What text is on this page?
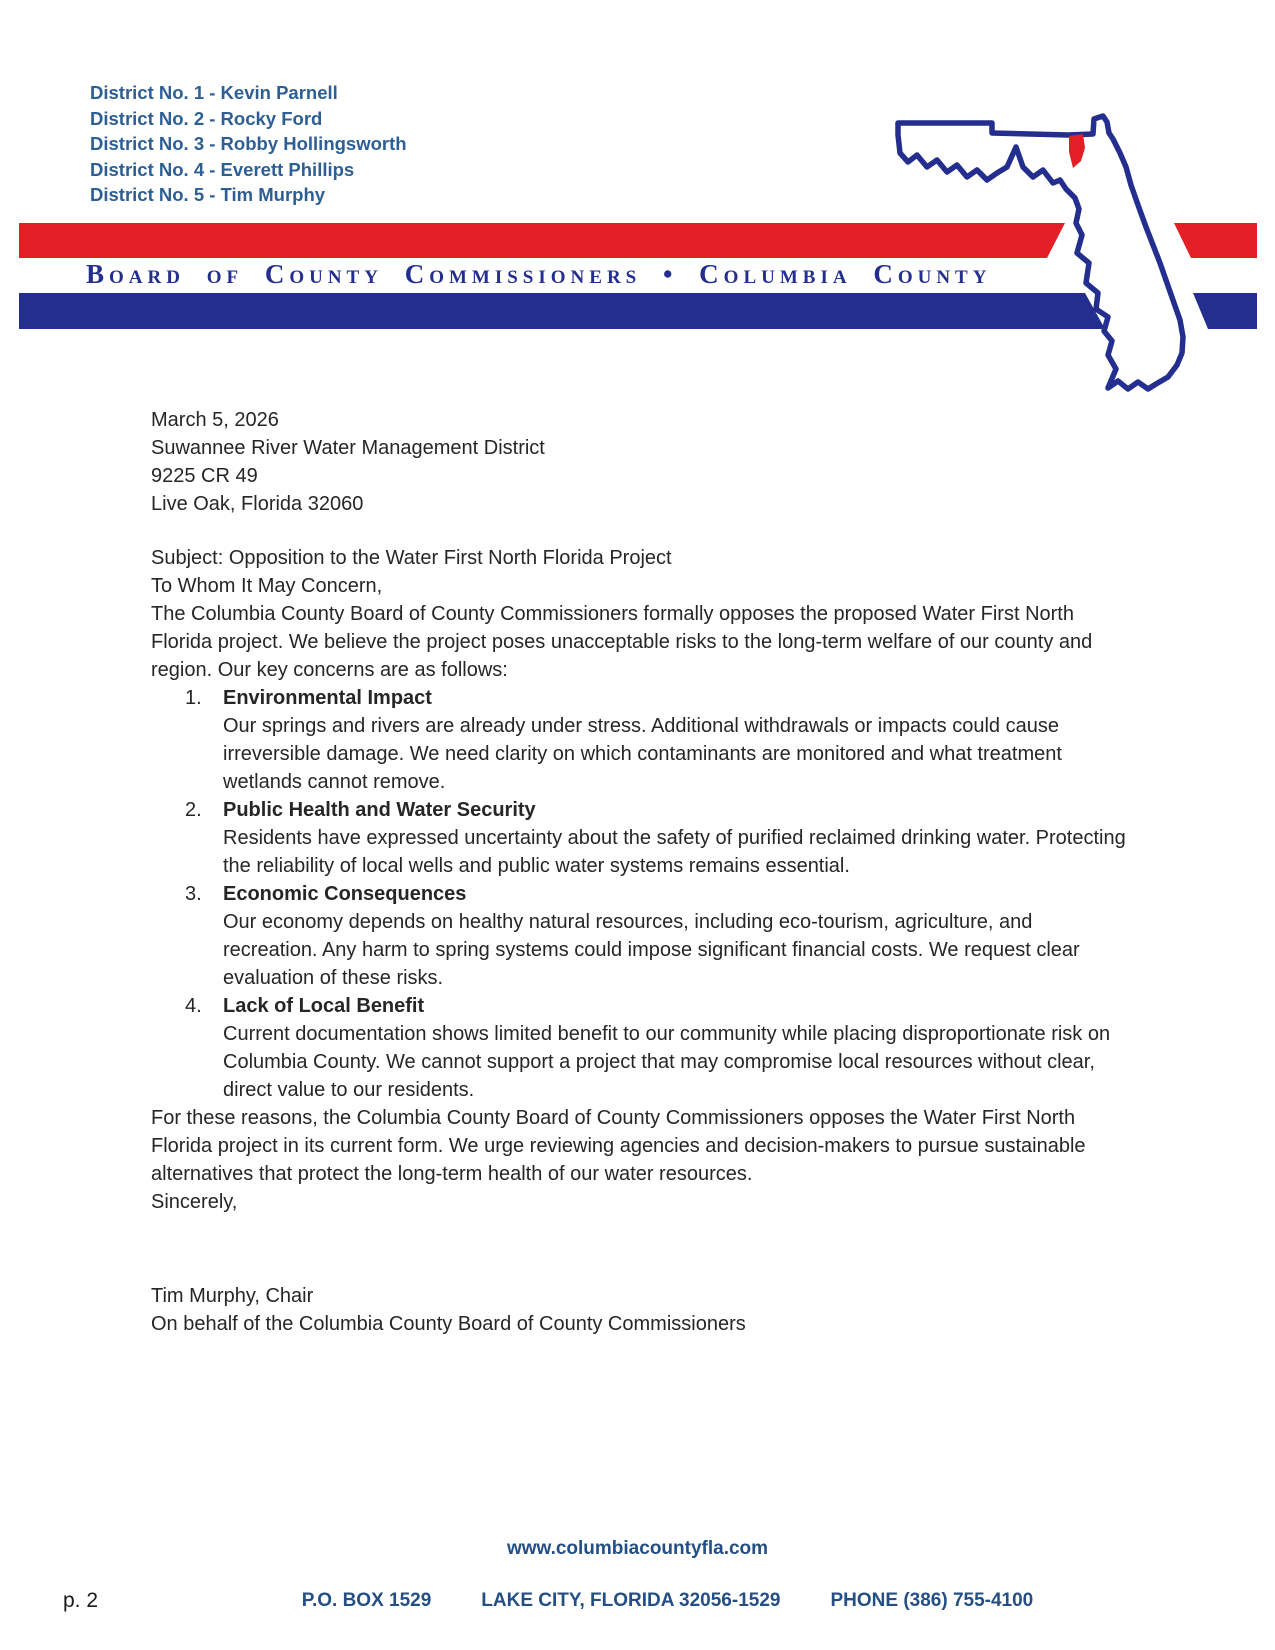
District No. 1 - Kevin Parnell
District No. 2 - Rocky Ford
District No. 3 - Robby Hollingsworth
District No. 4 - Everett Phillips
District No. 5 - Tim Murphy
Board of County Commissioners • Columbia County

March 5, 2026

Suwannee River Water Management District

9225 CR 49

Live Oak, Florida 32060

Subject: Opposition to the Water First North Florida Project

To Whom It May Concern,

The Columbia County Board of County Commissioners formally opposes the proposed Water First North Florida project. We believe the project poses unacceptable risks to the long-term welfare of our county and region. Our key concerns are as follows:

1. Environmental Impact
Our springs and rivers are already under stress. Additional withdrawals or impacts could cause irreversible damage. We need clarity on which contaminants are monitored and what treatment wetlands cannot remove.
2. Public Health and Water Security
Residents have expressed uncertainty about the safety of purified reclaimed drinking water. Protecting the reliability of local wells and public water systems remains essential.
3. Economic Consequences
Our economy depends on healthy natural resources, including eco-tourism, agriculture, and recreation. Any harm to spring systems could impose significant financial costs. We request clear evaluation of these risks.
4. Lack of Local Benefit
Current documentation shows limited benefit to our community while placing disproportionate risk on Columbia County. We cannot support a project that may compromise local resources without clear, direct value to our residents.

For these reasons, the Columbia County Board of County Commissioners opposes the Water First North Florida project in its current form. We urge reviewing agencies and decision-makers to pursue sustainable alternatives that protect the long-term health of our water resources.

Sincerely,

Tim Murphy, Chair

On behalf of the Columbia County Board of County Commissioners

www.columbiacountyfla.com
P.O. BOX 1529	LAKE CITY, FLORIDA 32056-1529	PHONE (386) 755-4100
p. 2
